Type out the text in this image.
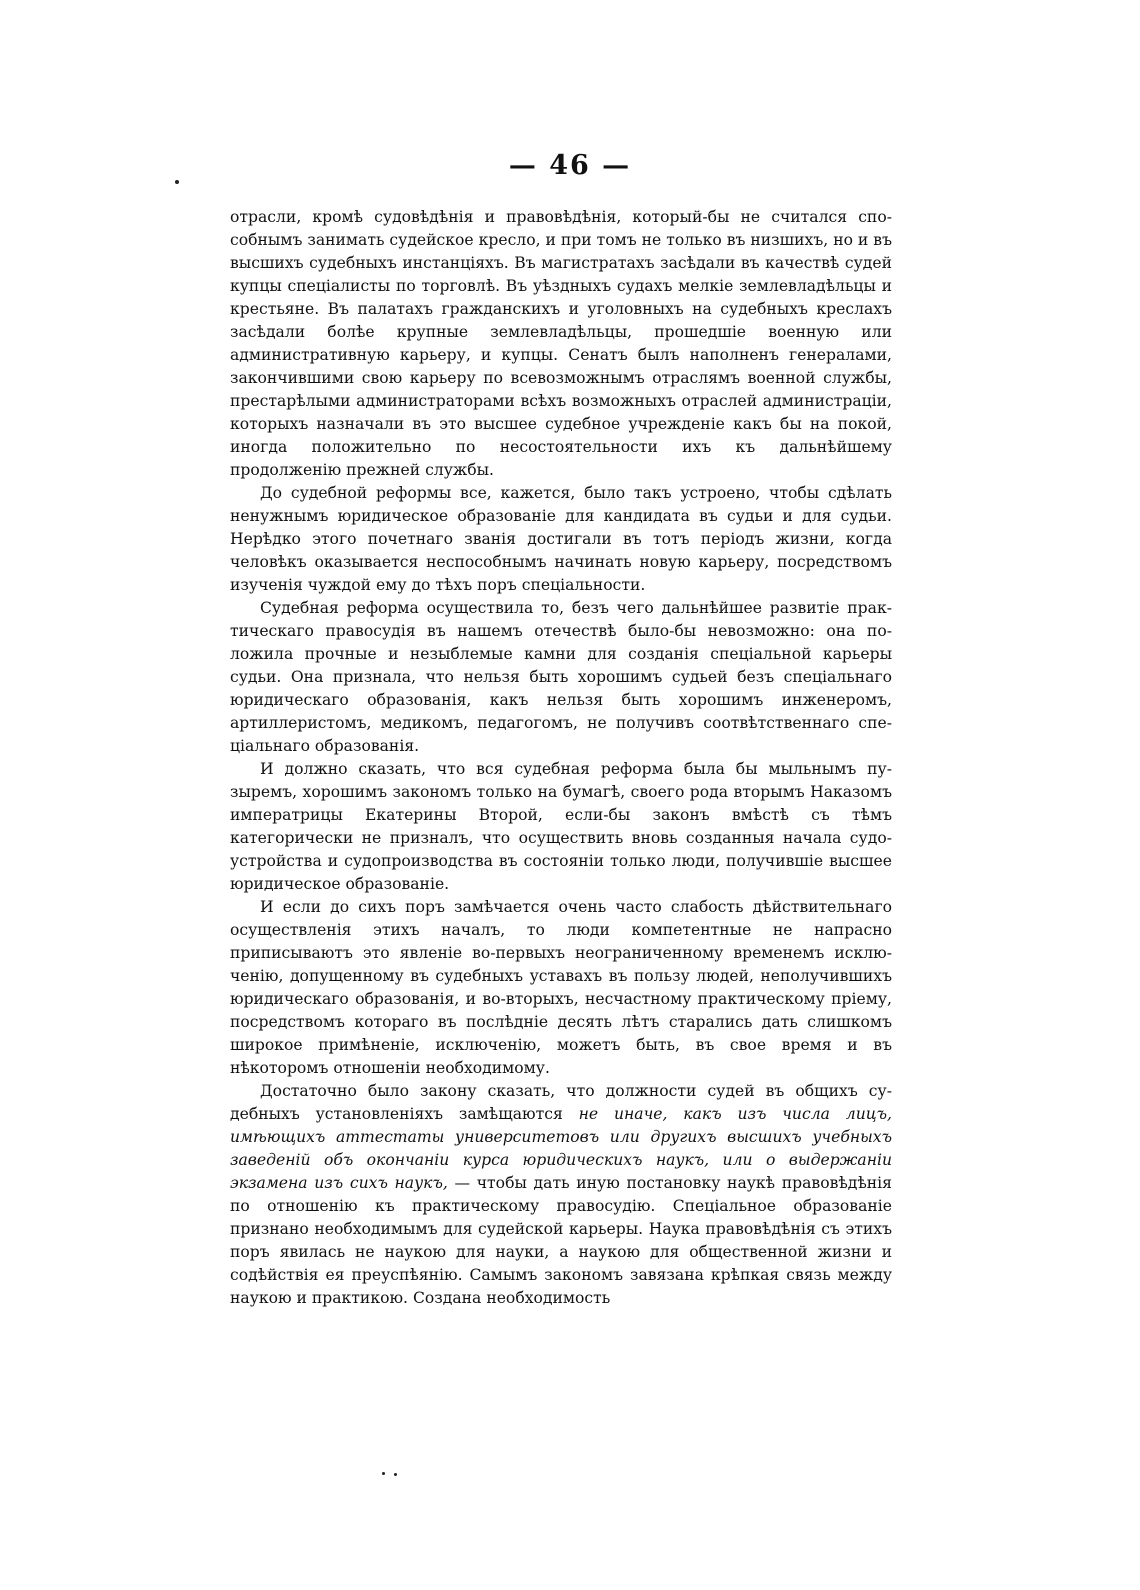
— 46 —

отрасли, кромѣ судовѣдѣнія и правовѣдѣнія, который-бы не считался способнымъ занимать судейское кресло, и при томъ не только въ низшихъ, но и въ высшихъ судебныхъ инстанціяхъ. Въ магистратахъ засѣдали въ качествѣ судей купцы спеціалисты по торговлѣ. Въ уѣздныхъ судахъ мелкіе землевладѣльцы и крестьяне. Въ палатахъ гражданскихъ и уголовныхъ на судебныхъ креслахъ засѣдали болѣе крупные землевладѣльцы, прошедшіе военную или административную карьеру, и купцы. Сенатъ былъ наполненъ генералами, закончившими свою карьеру по всевозможнымъ отраслямъ военной службы, престарѣлыми администраторами всѣхъ возможныхъ отраслей администраціи, которыхъ назначали въ это высшее судебное учрежденіе какъ бы на покой, иногда положительно по несостоятельности ихъ къ дальнѣйшему продолженію прежней службы.

До судебной реформы все, кажется, было такъ устроено, чтобы сдѣлать ненужнымъ юридическое образованіе для кандидата въ судьи и для судьи. Нерѣдко этого почетнаго званія достигали въ тотъ періодъ жизни, когда человѣкъ оказывается неспособнымъ начинать новую карьеру, посредствомъ изученія чуждой ему до тѣхъ поръ спеціальности.

Судебная реформа осуществила то, безъ чего дальнѣйшее развитіе практическаго правосудія въ нашемъ отечествѣ было-бы невозможно: она положила прочные и незыблемые камни для созданія спеціальной карьеры судьи. Она признала, что нельзя быть хорошимъ судьей безъ спеціальнаго юридическаго образованія, какъ нельзя быть хорошимъ инженеромъ, артиллеристомъ, медикомъ, педагогомъ, не получивъ соотвѣтственнаго спеціальнаго образованія.

И должно сказать, что вся судебная реформа была бы мыльнымъ пузыремъ, хорошимъ закономъ только на бумагѣ, своего рода вторымъ Наказомъ императрицы Екатерины Второй, если-бы законъ вмѣстѣ съ тѣмъ категорически не призналъ, что осуществить вновь созданныя начала судоустройства и судопроизводства въ состояніи только люди, получившіе высшее юридическое образованіе.

И если до сихъ поръ замѣчается очень часто слабость дѣйствительнаго осуществленія этихъ началъ, то люди компетентные не напрасно приписываютъ это явленіе во-первыхъ неограниченному временемъ исключенію, допущенному въ судебныхъ уставахъ въ пользу людей, неполучившихъ юридическаго образованія, и во-вторыхъ, несчастному практическому пріему, посредствомъ котораго въ послѣдніе десять лѣтъ старались дать слишкомъ широкое примѣненіе, исключенію, можетъ быть, въ свое время и въ нѣкоторомъ отношеніи необходимому.

Достаточно было закону сказать, что должности судей въ общихъ судебныхъ установленіяхъ замѣщаются не иначе, какъ изъ числа лицъ, имѣющихъ аттестаты университетовъ или другихъ высшихъ учебныхъ заведеній объ окончаніи курса юридическихъ наукъ, или о выдержаніи экзамена изъ сихъ наукъ, — чтобы дать иную постановку наукѣ правовѣдѣнія по отношенію къ практическому правосудію. Спеціальное образованіе признано необходимымъ для судейской карьеры. Наука правовѣдѣнія съ этихъ поръ явилась не наукою для науки, а наукою для общественной жизни и содѣйствія ея преуспѣянію. Самымъ закономъ завязана крѣпкая связь между наукою и практикою. Создана необходимость
